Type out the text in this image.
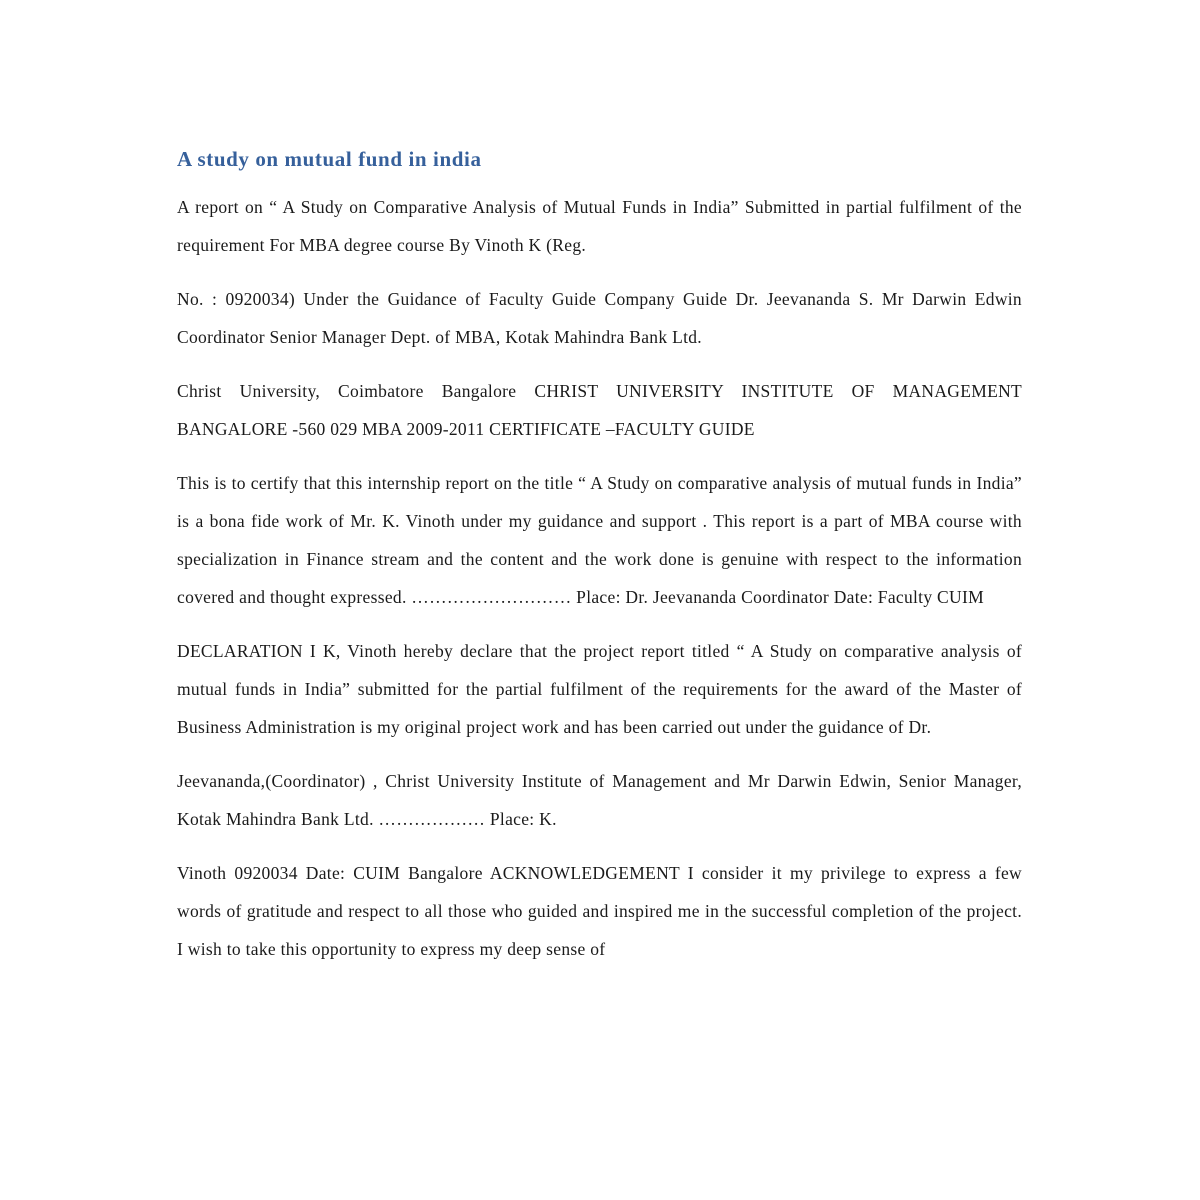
A study on mutual fund in india

A report on “ A Study on Comparative Analysis of Mutual Funds in India” Submitted in partial fulfilment of the requirement For MBA degree course By Vinoth K (Reg.

No. : 0920034) Under the Guidance of Faculty Guide Company Guide Dr. Jeevananda S. Mr Darwin Edwin Coordinator Senior Manager Dept. of MBA, Kotak Mahindra Bank Ltd.

Christ University, Coimbatore Bangalore CHRIST UNIVERSITY INSTITUTE OF MANAGEMENT BANGALORE -560 029 MBA 2009-2011 CERTIFICATE –FACULTY GUIDE

This is to certify that this internship report on the title “ A Study on comparative analysis of mutual funds in India” is a bona fide work of Mr. K. Vinoth under my guidance and support . This report is a part of MBA course with specialization in Finance stream and the content and the work done is genuine with respect to the information covered and thought expressed. ……………………… Place: Dr. Jeevananda Coordinator Date: Faculty CUIM

DECLARATION I K, Vinoth hereby declare that the project report titled “ A Study on comparative analysis of mutual funds in India” submitted for the partial fulfilment of the requirements for the award of the Master of Business Administration is my original project work and has been carried out under the guidance of Dr.

Jeevananda,(Coordinator) , Christ University Institute of Management and Mr Darwin Edwin, Senior Manager, Kotak Mahindra Bank Ltd. ……………… Place: K.

Vinoth 0920034 Date: CUIM Bangalore ACKNOWLEDGEMENT I consider it my privilege to express a few words of gratitude and respect to all those who guided and inspired me in the successful completion of the project. I wish to take this opportunity to express my deep sense of
